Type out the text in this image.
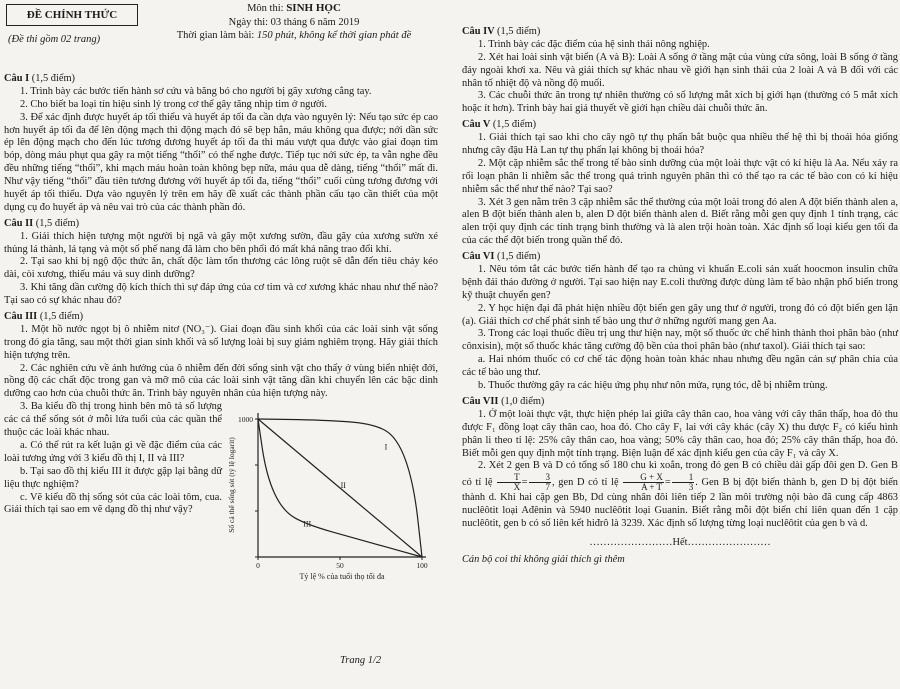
ĐỀ CHÍNH THỨC
(Đề thi gồm 02 trang)
Môn thi: SINH HỌC
Ngày thi: 03 tháng 6 năm 2019
Thời gian làm bài: 150 phút, không kể thời gian phát đề

Câu I (1,5 điểm)

1. Trình bày các bước tiến hành sơ cứu và băng bó cho người bị gãy xương cẳng tay.

2. Cho biết ba loại tín hiệu sinh lý trong cơ thể gây tăng nhịp tim ở người.

3. Để xác định được huyết áp tối thiểu và huyết áp tối đa cần dựa vào nguyên lý: Nếu tạo sức ép cao hơn huyết áp tối đa để lên động mạch thì động mạch đó sẽ bẹp hẳn, máu không qua được; nới dần sức ép lên động mạch cho đến lúc tương đương huyết áp tối đa thì máu vượt qua được vào giai đoạn tim bóp, dòng máu phụt qua gây ra một tiếng “thổi” có thể nghe được. Tiếp tục nới sức ép, ta vẫn nghe đều đều những tiếng “thổi”, khi mạch máu hoàn toàn không bẹp nữa, máu qua dễ dàng, tiếng “thổi” mất đi. Như vậy tiếng “thổi” đầu tiên tương đương với huyết áp tối đa, tiếng “thổi” cuối cùng tương đương với huyết áp tối thiểu. Dựa vào nguyên lý trên em hãy đề xuất các thành phần cấu tạo cần thiết của một dụng cụ đo huyết áp và nêu vai trò của các thành phần đó.

Câu II (1,5 điểm)

1. Giải thích hiện tượng một người bị ngã và gãy một xương sườn, đầu gãy của xương sườn xé thủng lá thành, lá tạng và một số phế nang đã làm cho bên phổi đó mất khả năng trao đổi khí.

2. Tại sao khi bị ngộ độc thức ăn, chất độc làm tổn thương các lông ruột sẽ dẫn đến tiêu chảy kéo dài, còi xương, thiếu máu và suy dinh dưỡng?

3. Khi tăng dần cường độ kích thích thì sự đáp ứng của cơ tim và cơ xương khác nhau như thế nào? Tại sao có sự khác nhau đó?

Câu III (1,5 điểm)

1. Một hồ nước ngọt bị ô nhiễm nitơ (NO₃⁻). Giai đoạn đầu sinh khối của các loài sinh vật sống trong đó gia tăng, sau một thời gian sinh khối và số lượng loài bị suy giảm nghiêm trọng. Hãy giải thích hiện tượng trên.

2. Các nghiên cứu về ảnh hưởng của ô nhiễm đến đời sống sinh vật cho thấy ở vùng biển nhiệt đới, nồng độ các chất độc trong gan và mỡ mô của các loài sinh vật tăng dần khi chuyển lên các bậc dinh dưỡng cao hơn của chuỗi thức ăn. Trình bày nguyên nhân của hiện tượng này.

3. Ba kiểu đồ thị trong hình bên mô tả số lượng các cá thể sống sót ở mỗi lứa tuổi của các quần thể thuộc các loài khác nhau.

a. Có thể rút ra kết luận gì về đặc điểm của các loài tương ứng với 3 kiểu đồ thị I, II và III?

b. Tại sao đồ thị kiểu III ít được gặp lại bằng dữ liệu thực nghiệm?

c. Vẽ kiểu đồ thị sống sót của các loài tôm, cua. Giải thích tại sao em vẽ dạng đồ thị như vậy?

1000
0	50	100
I
II
III
Số cá thể sống sót (tỷ lệ logarit)
Tỷ lệ % của tuổi thọ tối đa
Trang 1/2

Câu IV (1,5 điểm)

1. Trình bày các đặc điểm của hệ sinh thái nông nghiệp.

2. Xét hai loài sinh vật biển (A và B): Loài A sống ở tầng mặt của vùng cửa sông, loài B sống ở tầng đáy ngoài khơi xa. Nêu và giải thích sự khác nhau về giới hạn sinh thái của 2 loài A và B đối với các nhân tố nhiệt độ và nồng độ muối.

3. Các chuỗi thức ăn trong tự nhiên thường có số lượng mắt xích bị giới hạn (thường có 5 mắt xích hoặc ít hơn). Trình bày hai giả thuyết về giới hạn chiều dài chuỗi thức ăn.

Câu V (1,5 điểm)

1. Giải thích tại sao khi cho cây ngô tự thụ phấn bắt buộc qua nhiều thế hệ thì bị thoái hóa giống nhưng cây đậu Hà Lan tự thụ phấn lại không bị thoái hóa?

2. Một cặp nhiễm sắc thể trong tế bào sinh dưỡng của một loài thực vật có kí hiệu là Aa. Nếu xảy ra rối loạn phân li nhiễm sắc thể trong quá trình nguyên phân thì có thể tạo ra các tế bào con có kí hiệu nhiễm sắc thể như thế nào? Tại sao?

3. Xét 3 gen nằm trên 3 cặp nhiễm sắc thể thường của một loài trong đó alen A đột biến thành alen a, alen B đột biến thành alen b, alen D đột biến thành alen d. Biết rằng mỗi gen quy định 1 tính trạng, các alen trội quy định các tính trạng bình thường và là alen trội hoàn toàn. Xác định số loại kiểu gen tối đa của các thể đột biến trong quần thể đó.

Câu VI (1,5 điểm)

1. Nêu tóm tắt các bước tiến hành để tạo ra chủng vi khuẩn E.coli sản xuất hoocmon insulin chữa bệnh đái tháo đường ở người. Tại sao hiện nay E.coli thường được dùng làm tế bào nhận phổ biến trong kỹ thuật chuyển gen?

2. Y học hiện đại đã phát hiện nhiều đột biến gen gây ung thư ở người, trong đó có đột biến gen lặn (a). Giải thích cơ chế phát sinh tế bào ung thư ở những người mang gen Aa.

3. Trong các loại thuốc điều trị ung thư hiện nay, một số thuốc ức chế hình thành thoi phân bào (như cônxisin), một số thuốc khác tăng cường độ bền của thoi phân bào (như taxol). Giải thích tại sao:

a. Hai nhóm thuốc có cơ chế tác động hoàn toàn khác nhau nhưng đều ngăn cản sự phân chia của các tế bào ung thư.

b. Thuốc thường gây ra các hiệu ứng phụ như nôn mửa, rụng tóc, dễ bị nhiễm trùng.

Câu VII (1,0 điểm)

1. Ở một loài thực vật, thực hiện phép lai giữa cây thân cao, hoa vàng với cây thân thấp, hoa đỏ thu được F₁ đồng loạt cây thân cao, hoa đỏ. Cho cây F₁ lai với cây khác (cây X) thu được F₂ có kiểu hình phân li theo tỉ lệ: 25% cây thân cao, hoa vàng; 50% cây thân cao, hoa đỏ; 25% cây thân thấp, hoa đỏ. Biết mỗi gen quy định một tính trạng. Biện luận để xác định kiểu gen của cây F₁ và cây X.

2. Xét 2 gen B và D có tổng số 180 chu kì xoắn, trong đó gen B có chiều dài gấp đôi gen D. Gen B có tỉ lệ $\frac{T}{X} = \frac{3}{7}$ , gen D có tỉ lệ $\frac{G + X}{A + T} = \frac{1}{3}$ . Gen B bị đột biến thành b, gen D bị đột biến thành d. Khi hai cặp gen Bb, Dd cùng nhân đôi liên tiếp 2 lần môi trường nội bào đã cung cấp 4863 nuclêôtit loại Ađênin và 5940 nuclêôtit loại Guanin. Biết rằng mỗi đột biến chỉ liên quan đến 1 cặp nuclêôtit, gen b có số liên kết hiđrô là 3239. Xác định số lượng từng loại nuclêôtit của gen b và d.

……………………Hết……………………

Cán bộ coi thi không giải thích gì thêm
